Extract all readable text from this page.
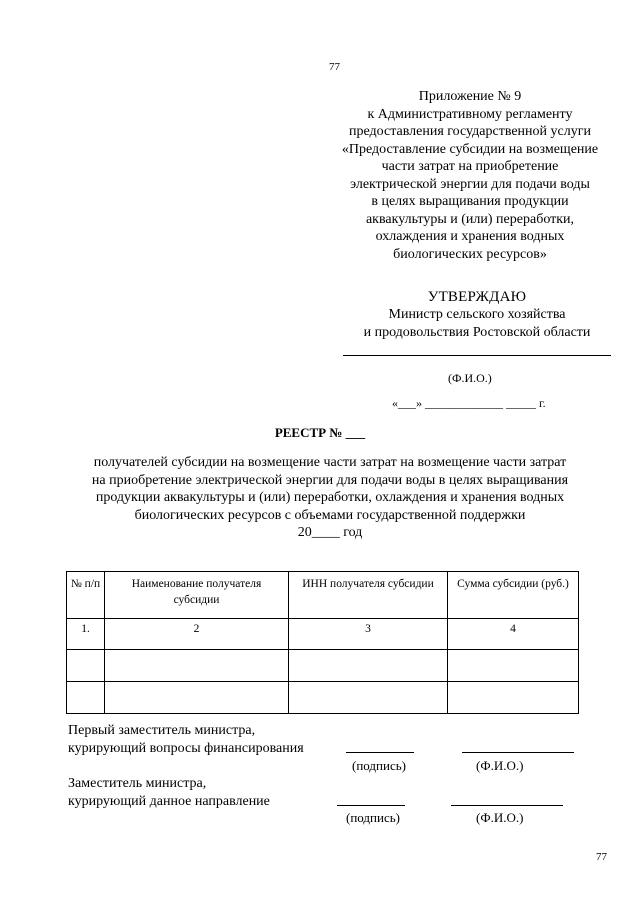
77
Приложение № 9
к Административному регламенту
предоставления государственной услуги
«Предоставление субсидии на возмещение
части затрат на приобретение
электрической энергии для подачи воды
в целях выращивания продукции
аквакультуры и (или) переработки,
охлаждения и хранения водных
биологических ресурсов»
УТВЕРЖДАЮ
Министр сельского хозяйства
и продовольствия Ростовской области
(Ф.И.О.)
«___» _____________ _____ г.
РЕЕСТР № ___
получателей субсидии на возмещение части затрат на возмещение части затрат
на приобретение электрической энергии для подачи воды в целях выращивания
продукции аквакультуры и (или) переработки, охлаждения и хранения водных
биологических ресурсов с объемами государственной поддержки
20____ год
№ п/п	Наименование получателя субсидии	ИНН получателя субсидии	Сумма субсидии (руб.)
1.	2	3	4

Первый заместитель министра,
курирующий вопросы финансирования
(подпись)	(Ф.И.О.)
Заместитель министра,
курирующий данное направление
(подпись)	(Ф.И.О.)
77
